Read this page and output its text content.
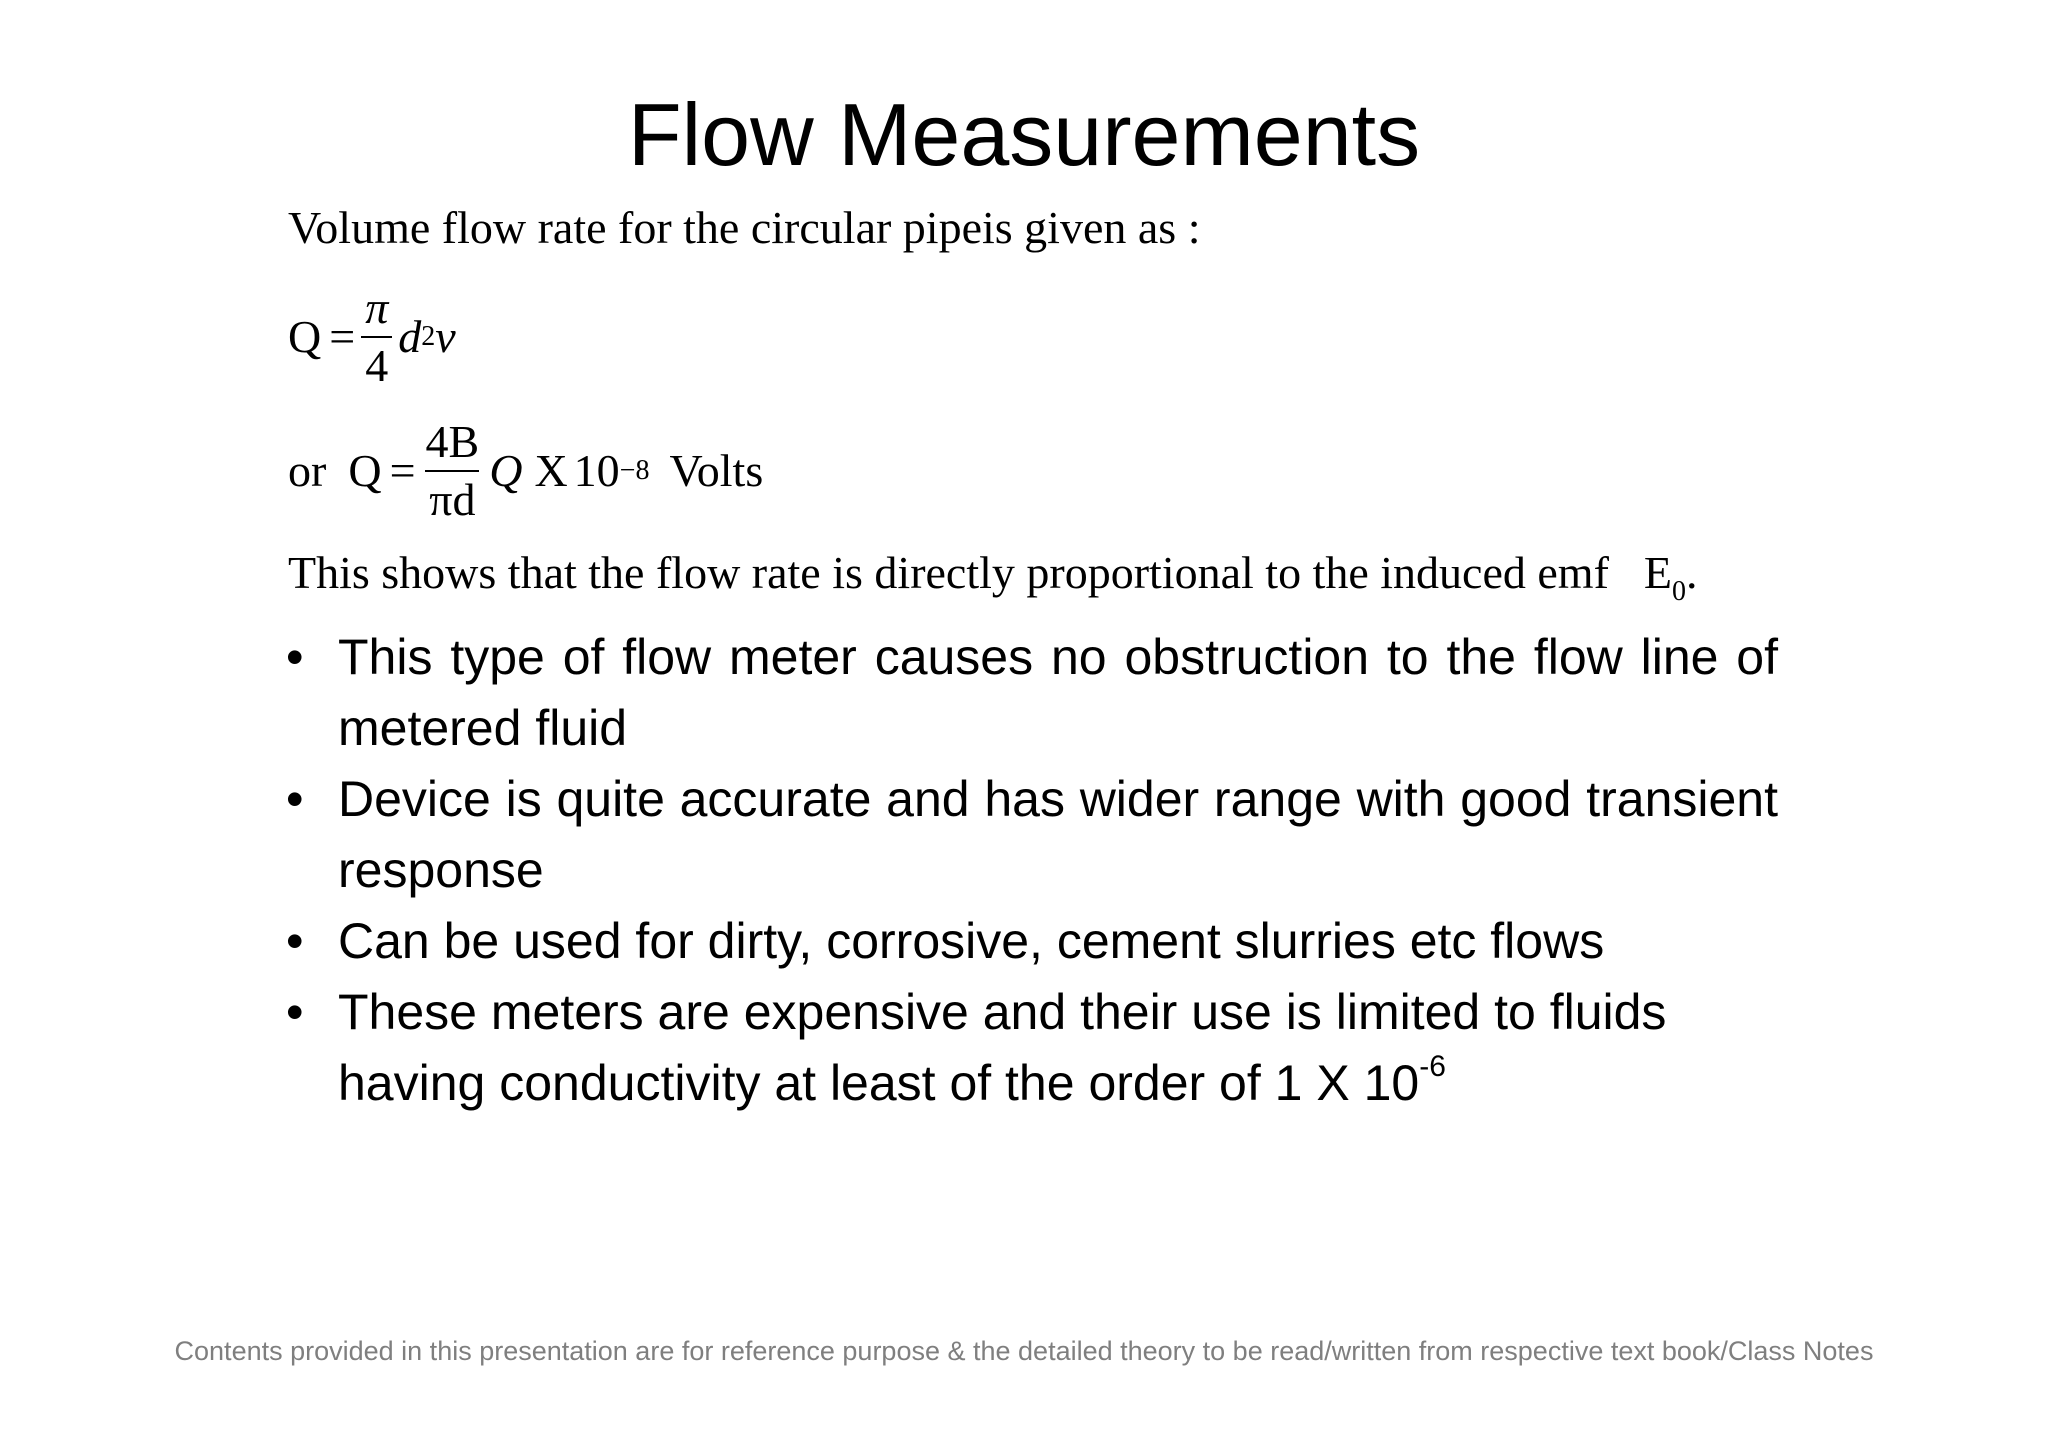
Flow Measurements
Volume flow rate for the circular pipeis given as :
$Q = \frac{\pi}{4}$ d 2 v
or $Q = \frac{4B}{\pi d}$ Q X 10 −8 Volts
This shows that the flow rate is directly proportional to the induced emf $E_0$.
• This type of flow meter causes no obstruction to the flow line of metered fluid
• Device is quite accurate and has wider range with good transient response
• Can be used for dirty, corrosive, cement slurries etc flows
• These meters are expensive and their use is limited to fluids having conductivity at least of the order of 1 X $10^{-6}$
Contents provided in this presentation are for reference purpose & the detailed theory to be read/written from respective text book/Class Notes
